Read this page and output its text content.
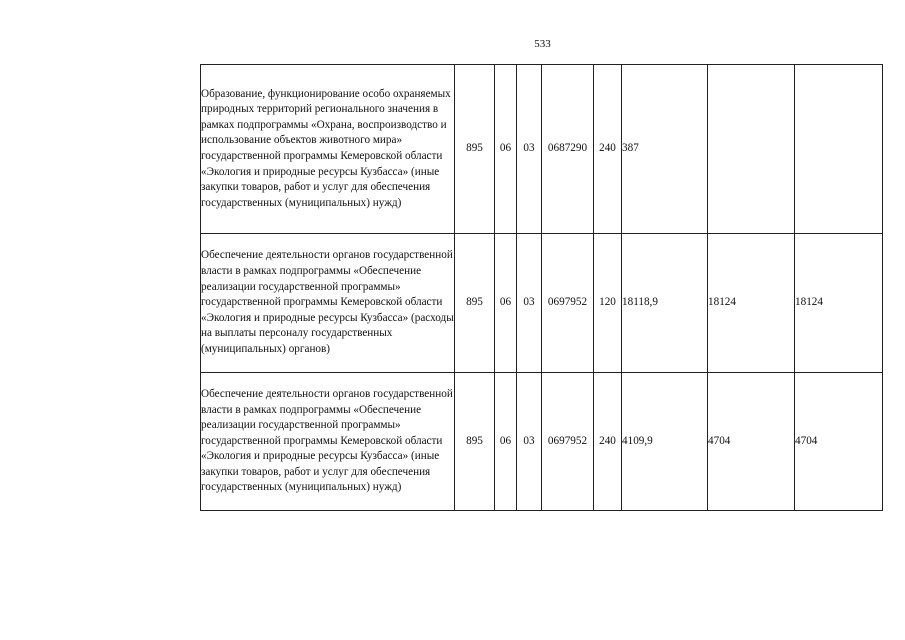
533
Образование, функционирование особо охраняемых природных территорий регионального значения в рамках подпрограммы «Охрана, воспроизводство и использование объектов животного мира» государственной программы Кемеровской области «Экология и природные ресурсы Кузбасса» (иные закупки товаров, работ и услуг для обеспечения государственных (муниципальных) нужд)	895	06	03	0687290	240	387		
Обеспечение деятельности органов государственной власти в рамках подпрограммы «Обеспечение реализации государственной программы» государственной программы Кемеровской области «Экология и природные ресурсы Кузбасса» (расходы на выплаты персоналу государственных (муниципальных) органов)	895	06	03	0697952	120	18118,9	18124	18124
Обеспечение деятельности органов государственной власти в рамках подпрограммы «Обеспечение реализации государственной программы» государственной программы Кемеровской области «Экология и природные ресурсы Кузбасса» (иные закупки товаров, работ и услуг для обеспечения государственных (муниципальных) нужд)	895	06	03	0697952	240	4109,9	4704	4704
